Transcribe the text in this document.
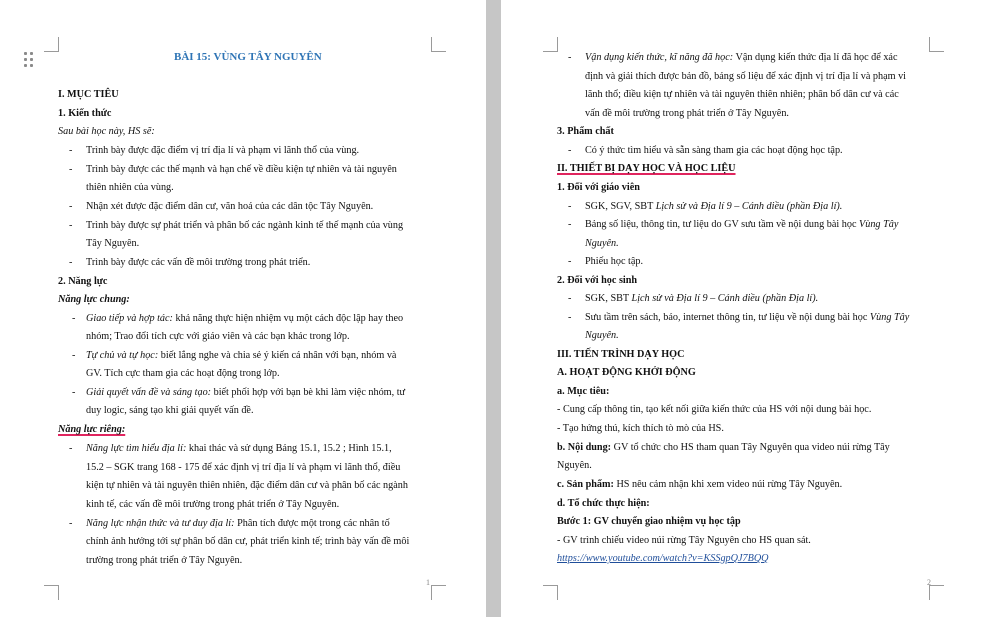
BÀI 15: VÙNG TÂY NGUYÊN
I. MỤC TIÊU
1. Kiến thức
Sau bài học này, HS sẽ:
- Trình bày được đặc điểm vị trí địa lí và phạm vi lãnh thổ của vùng.
- Trình bày được các thế mạnh và hạn chế về điều kiện tự nhiên và tài nguyên
thiên nhiên của vùng.
- Nhận xét được đặc điểm dân cư, văn hoá của các dân tộc Tây Nguyên.
- Trình bày được sự phát triển và phân bố các ngành kinh tế thế mạnh của vùng
Tây Nguyên.
- Trình bày được các vấn đề môi trường trong phát triển.
2. Năng lực
Năng lực chung:
- Giao tiếp và hợp tác: khả năng thực hiện nhiệm vụ một cách độc lập hay theo
nhóm; Trao đổi tích cực với giáo viên và các bạn khác trong lớp.
- Tự chủ và tự học: biết lắng nghe và chia sẻ ý kiến cá nhân với bạn, nhóm và
GV. Tích cực tham gia các hoạt động trong lớp.
- Giải quyết vấn đề và sáng tạo: biết phối hợp với bạn bè khi làm việc nhóm, tư
duy logic, sáng tạo khi giải quyết vấn đề.
Năng lực riêng:
- Năng lực tìm hiểu địa lí: khai thác và sử dụng Bảng 15.1, 15.2 ; Hình 15.1,
15.2 – SGK trang 168 - 175 để xác định vị trí địa lí và phạm vi lãnh thổ, điều
kiện tự nhiên và tài nguyên thiên nhiên, đặc điểm dân cư và phân bố các ngành
kinh tế, các vấn đề môi trường trong phát triển ở Tây Nguyên.
- Năng lực nhận thức và tư duy địa lí: Phân tích được một trong các nhân tố
chính ảnh hưởng tới sự phân bố dân cư, phát triển kinh tế; trình bày vấn đề môi
trường trong phát triển ở Tây Nguyên.
1
- Vận dụng kiến thức, kĩ năng đã học: Vận dụng kiến thức địa lí đã học để xác
định và giải thích được bản đồ, bảng số liệu để xác định vị trí địa lí và phạm vi
lãnh thổ; điều kiện tự nhiên và tài nguyên thiên nhiên; phân bố dân cư và các
vấn đề môi trường trong phát triển ở Tây Nguyên.
3. Phẩm chất
- Có ý thức tìm hiểu và sẵn sàng tham gia các hoạt động học tập.
II. THIẾT BỊ DẠY HỌC VÀ HỌC LIỆU
1. Đối với giáo viên
- SGK, SGV, SBT Lịch sử và Địa lí 9 – Cánh diều (phần Địa lí).
- Bảng số liệu, thông tin, tư liệu do GV sưu tầm về nội dung bài học Vùng Tây
Nguyên.
- Phiếu học tập.
2. Đối với học sinh
- SGK, SBT Lịch sử và Địa lí 9 – Cánh diều (phần Địa lí).
- Sưu tầm trên sách, báo, internet thông tin, tư liệu về nội dung bài học Vùng Tây
Nguyên.
III. TIẾN TRÌNH DẠY HỌC
A. HOẠT ĐỘNG KHỞI ĐỘNG
a. Mục tiêu:
- Cung cấp thông tin, tạo kết nối giữa kiến thức của HS với nội dung bài học.
- Tạo hứng thú, kích thích tò mò của HS.
b. Nội dung: GV tổ chức cho HS tham quan Tây Nguyên qua video núi rừng Tây
Nguyên.
c. Sản phẩm: HS nêu cảm nhận khi xem video núi rừng Tây Nguyên.
d. Tổ chức thực hiện:
Bước 1: GV chuyển giao nhiệm vụ học tập
- GV trình chiếu video núi rừng Tây Nguyên cho HS quan sát.
https://www.youtube.com/watch?v=KSSgpQJ7BQQ
2
